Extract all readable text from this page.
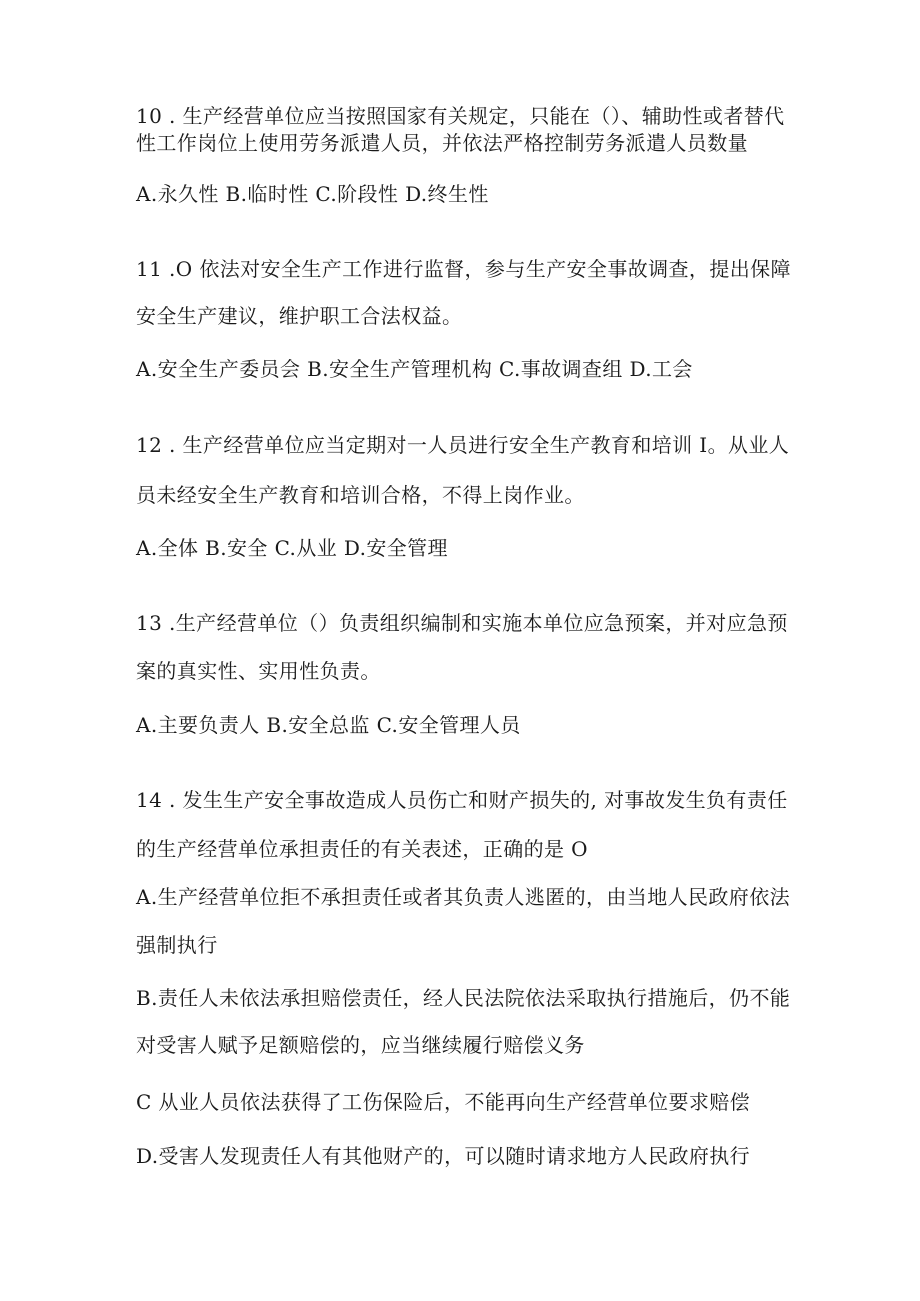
10 . 生产经营单位应当按照国家有关规定，只能在（）、辅助性或者替代
性工作岗位上使用劳务派遣人员，并依法严格控制劳务派遣人员数量
A.永久性 B.临时性 C.阶段性 D.终生性
11 .O 依法对安全生产工作进行监督，参与生产安全事故调查，提出保障
安全生产建议，维护职工合法权益。
A.安全生产委员会 B.安全生产管理机构 C.事故调查组 D.工会
12 . 生产经营单位应当定期对一人员进行安全生产教育和培训 I。从业人
员未经安全生产教育和培训合格，不得上岗作业。
A.全体 B.安全 C.从业 D.安全管理
13 .生产经营单位（）负责组织编制和实施本单位应急预案，并对应急预
案的真实性、实用性负责。
A.主要负责人 B.安全总监 C.安全管理人员
14 . 发生生产安全事故造成人员伤亡和财产损失的, 对事故发生负有责任
的生产经营单位承担责任的有关表述，正确的是 O
A.生产经营单位拒不承担责任或者其负责人逃匿的，由当地人民政府依法
强制执行
B.责任人未依法承担赔偿责任，经人民法院依法采取执行措施后，仍不能
对受害人赋予足额赔偿的，应当继续履行赔偿义务
C 从业人员依法获得了工伤保险后，不能再向生产经营单位要求赔偿
D.受害人发现责任人有其他财产的，可以随时请求地方人民政府执行
